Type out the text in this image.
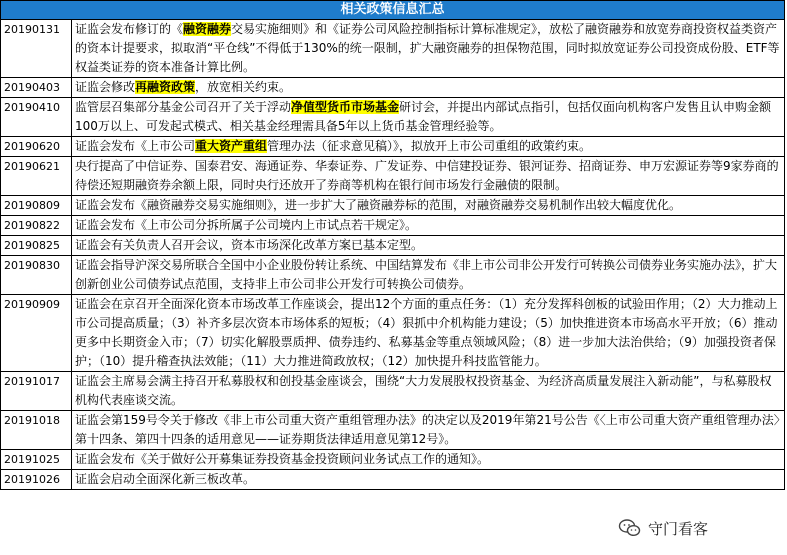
相关政策信息汇总	
20190131	证监会发布修订的《融资融券交易实施细则》和《证券公司风险控制指标计算标准规定》，放松了融资融券和放宽券商投资权益类资产的资本计提要求，拟取消“平仓线”不得低于130%的统一限制，扩大融资融券的担保物范围，同时拟放宽证券公司投资成份股、ETF等权益类证券的资本准备计算比例。
20190403	证监会修改再融资政策，放宽相关约束。
20190410	监管层召集部分基金公司召开了关于浮动净值型货币市场基金研讨会，并提出内部试点指引，包括仅面向机构客户发售且认申购金额100万以上、可发起式模式、相关基金经理需具备5年以上货币基金管理经验等。
20190620	证监会发布《上市公司重大资产重组管理办法（征求意见稿）》，拟放开上市公司重组的政策约束。
20190621	央行提高了中信证券、国泰君安、海通证券、华泰证券、广发证券、中信建投证券、银河证券、招商证券、申万宏源证券等9家券商的待偿还短期融资券余额上限，同时央行还放开了券商等机构在银行间市场发行金融债的限制。
20190809	证监会发布《融资融券交易实施细则》，进一步扩大了融资融券标的范围，对融资融券交易机制作出较大幅度优化。
20190822	证监会发布《上市公司分拆所属子公司境内上市试点若干规定》。
20190825	证监会有关负责人召开会议，资本市场深化改革方案已基本定型。
20190830	证监会指导沪深交易所联合全国中小企业股份转让系统、中国结算发布《非上市公司非公开发行可转换公司债券业务实施办法》，扩大创新创业公司债券试点范围，支持非上市公司非公开发行可转换公司债券。
20190909	证监会在京召开全面深化资本市场改革工作座谈会，提出12个方面的重点任务：（1）充分发挥科创板的试验田作用；（2）大力推动上市公司提高质量；（3）补齐多层次资本市场体系的短板；（4）狠抓中介机构能力建设；（5）加快推进资本市场高水平开放；（6）推动更多中长期资金入市；（7）切实化解股票质押、债券违约、私募基金等重点领域风险；（8）进一步加大法治供给；（9）加强投资者保护；（10）提升稽查执法效能；（11）大力推进简政放权；（12）加快提升科技监管能力。
20191017	证监会主席易会满主持召开私募股权和创投基金座谈会，围绕“大力发展股权投资基金、为经济高质量发展注入新动能”，与私募股权机构代表座谈交流。
20191018	证监会第159号令关于修改《非上市公司重大资产重组管理办法》的决定以及2019年第21号公告《〈上市公司重大资产重组管理办法〉第十四条、第四十四条的适用意见——证券期货法律适用意见第12号》。
20191025	证监会发布《关于做好公开募集证券投资基金投资顾问业务试点工作的通知》。
20191026	证监会启动全面深化新三板改革。
守门看客
